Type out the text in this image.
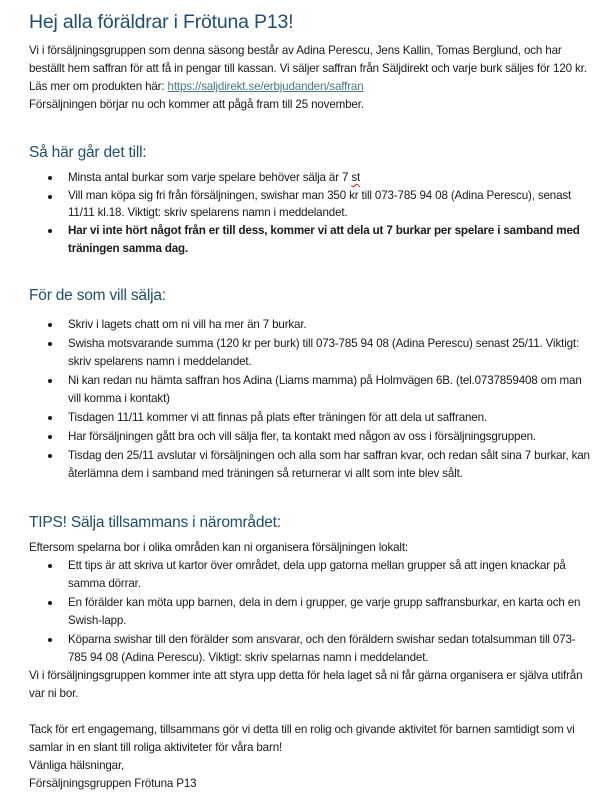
Hej alla föräldrar i Frötuna P13!

Vi i försäljningsgruppen som denna säsong består av Adina Perescu, Jens Kallin, Tomas Berglund, och har beställt hem saffran för att få in pengar till kassan. Vi säljer saffran från Säljdirekt och varje burk säljes för 120 kr. Läs mer om produkten här: https://saljdirekt.se/erbjudanden/saffran

Försäljningen börjar nu och kommer att pågå fram till 25 november.

Så här går det till:
Minsta antal burkar som varje spelare behöver sälja är 7 st
Vill man köpa sig fri från försäljningen, swishar man 350 kr till 073-785 94 08 (Adina Perescu), senast 11/11 kl.18. Viktigt: skriv spelarens namn i meddelandet.
Har vi inte hört något från er till dess, kommer vi att dela ut 7 burkar per spelare i samband med träningen samma dag.
För de som vill sälja:
Skriv i lagets chatt om ni vill ha mer än 7 burkar.
Swisha motsvarande summa (120 kr per burk) till 073-785 94 08 (Adina Perescu) senast 25/11. Viktigt: skriv spelarens namn i meddelandet.
Ni kan redan nu hämta saffran hos Adina (Liams mamma) på Holmvägen 6B. (tel.0737859408 om man vill komma i kontakt)
Tisdagen 11/11 kommer vi att finnas på plats efter träningen för att dela ut saffranen.
Har försäljningen gått bra och vill sälja fler, ta kontakt med någon av oss i försäljningsgruppen.
Tisdag den 25/11 avslutar vi försäljningen och alla som har saffran kvar, och redan sålt sina 7 burkar, kan återlämna dem i samband med träningen så returnerar vi allt som inte blev sålt.
TIPS! Sälja tillsammans i närområdet:

Eftersom spelarna bor i olika områden kan ni organisera försäljningen lokalt:

Ett tips är att skriva ut kartor över området, dela upp gatorna mellan grupper så att ingen knackar på samma dörrar.
En förälder kan möta upp barnen, dela in dem i grupper, ge varje grupp saffransburkar, en karta och en Swish-lapp.
Köparna swishar till den förälder som ansvarar, och den föräldern swishar sedan totalsumman till 073-785 94 08 (Adina Perescu). Viktigt: skriv spelarnas namn i meddelandet.

Vi i försäljningsgruppen kommer inte att styra upp detta för hela laget så ni får gärna organisera er själva utifrån var ni bor.

Tack för ert engagemang, tillsammans gör vi detta till en rolig och givande aktivitet för barnen samtidigt som vi samlar in en slant till roliga aktiviteter för våra barn!

Vänliga hälsningar,

Försäljningsgruppen Frötuna P13
